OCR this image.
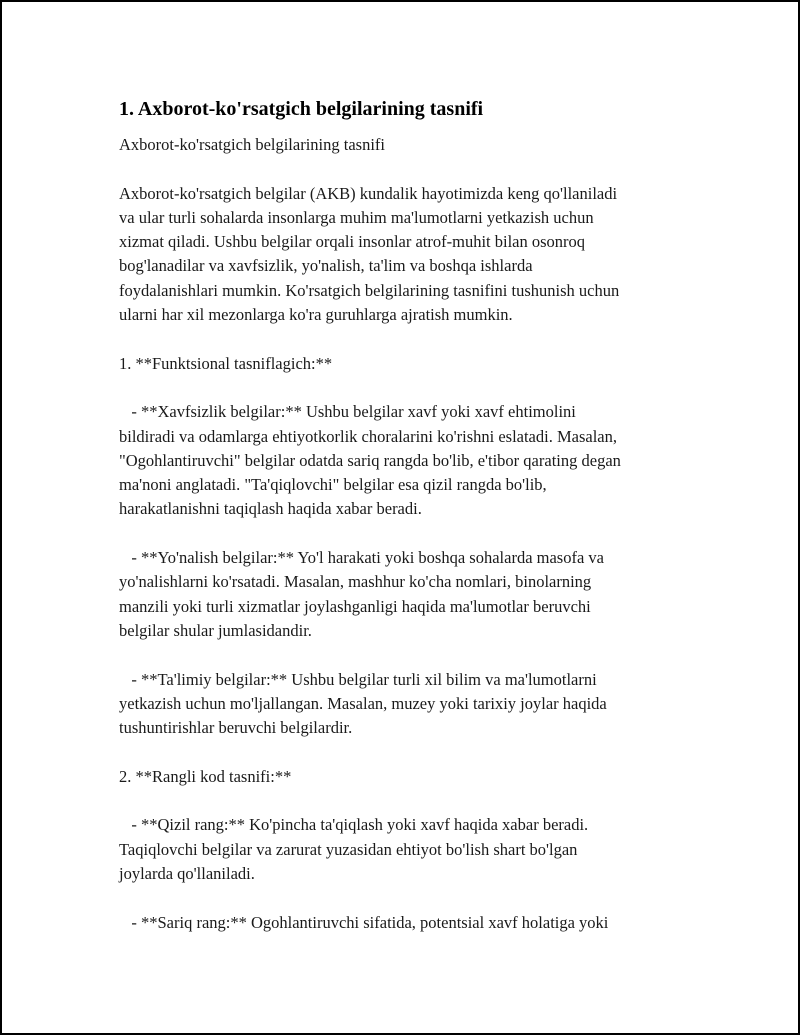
1. Axborot-ko'rsatgich belgilarining tasnifi
Axborot-ko'rsatgich belgilarining tasnifi

Axborot-ko'rsatgich belgilar (AKB) kundalik hayotimizda keng qo'llaniladi
va ular turli sohalarda insonlarga muhim ma'lumotlarni yetkazish uchun
xizmat qiladi. Ushbu belgilar orqali insonlar atrof-muhit bilan osonroq
bog'lanadilar va xavfsizlik, yo'nalish, ta'lim va boshqa ishlarda
foydalanishlari mumkin. Ko'rsatgich belgilarining tasnifini tushunish uchun
ularni har xil mezonlarga ko'ra guruhlarga ajratish mumkin.

1. **Funktsional tasniflagich:**

- **Xavfsizlik belgilar:** Ushbu belgilar xavf yoki xavf ehtimolini
bildiradi va odamlarga ehtiyotkorlik choralarini ko'rishni eslatadi. Masalan,
"Ogohlantiruvchi" belgilar odatda sariq rangda bo'lib, e'tibor qarating degan
ma'noni anglatadi. "Ta'qiqlovchi" belgilar esa qizil rangda bo'lib,
harakatlanishni taqiqlash haqida xabar beradi.

- **Yo'nalish belgilar:** Yo'l harakati yoki boshqa sohalarda masofa va
yo'nalishlarni ko'rsatadi. Masalan, mashhur ko'cha nomlari, binolarning
manzili yoki turli xizmatlar joylashganligi haqida ma'lumotlar beruvchi
belgilar shular jumlasidandir.

- **Ta'limiy belgilar:** Ushbu belgilar turli xil bilim va ma'lumotlarni
yetkazish uchun mo'ljallangan. Masalan, muzey yoki tarixiy joylar haqida
tushuntirishlar beruvchi belgilardir.

2. **Rangli kod tasnifi:**

- **Qizil rang:** Ko'pincha ta'qiqlash yoki xavf haqida xabar beradi.
Taqiqlovchi belgilar va zarurat yuzasidan ehtiyot bo'lish shart bo'lgan
joylarda qo'llaniladi.

- **Sariq rang:** Ogohlantiruvchi sifatida, potentsial xavf holatiga yoki
